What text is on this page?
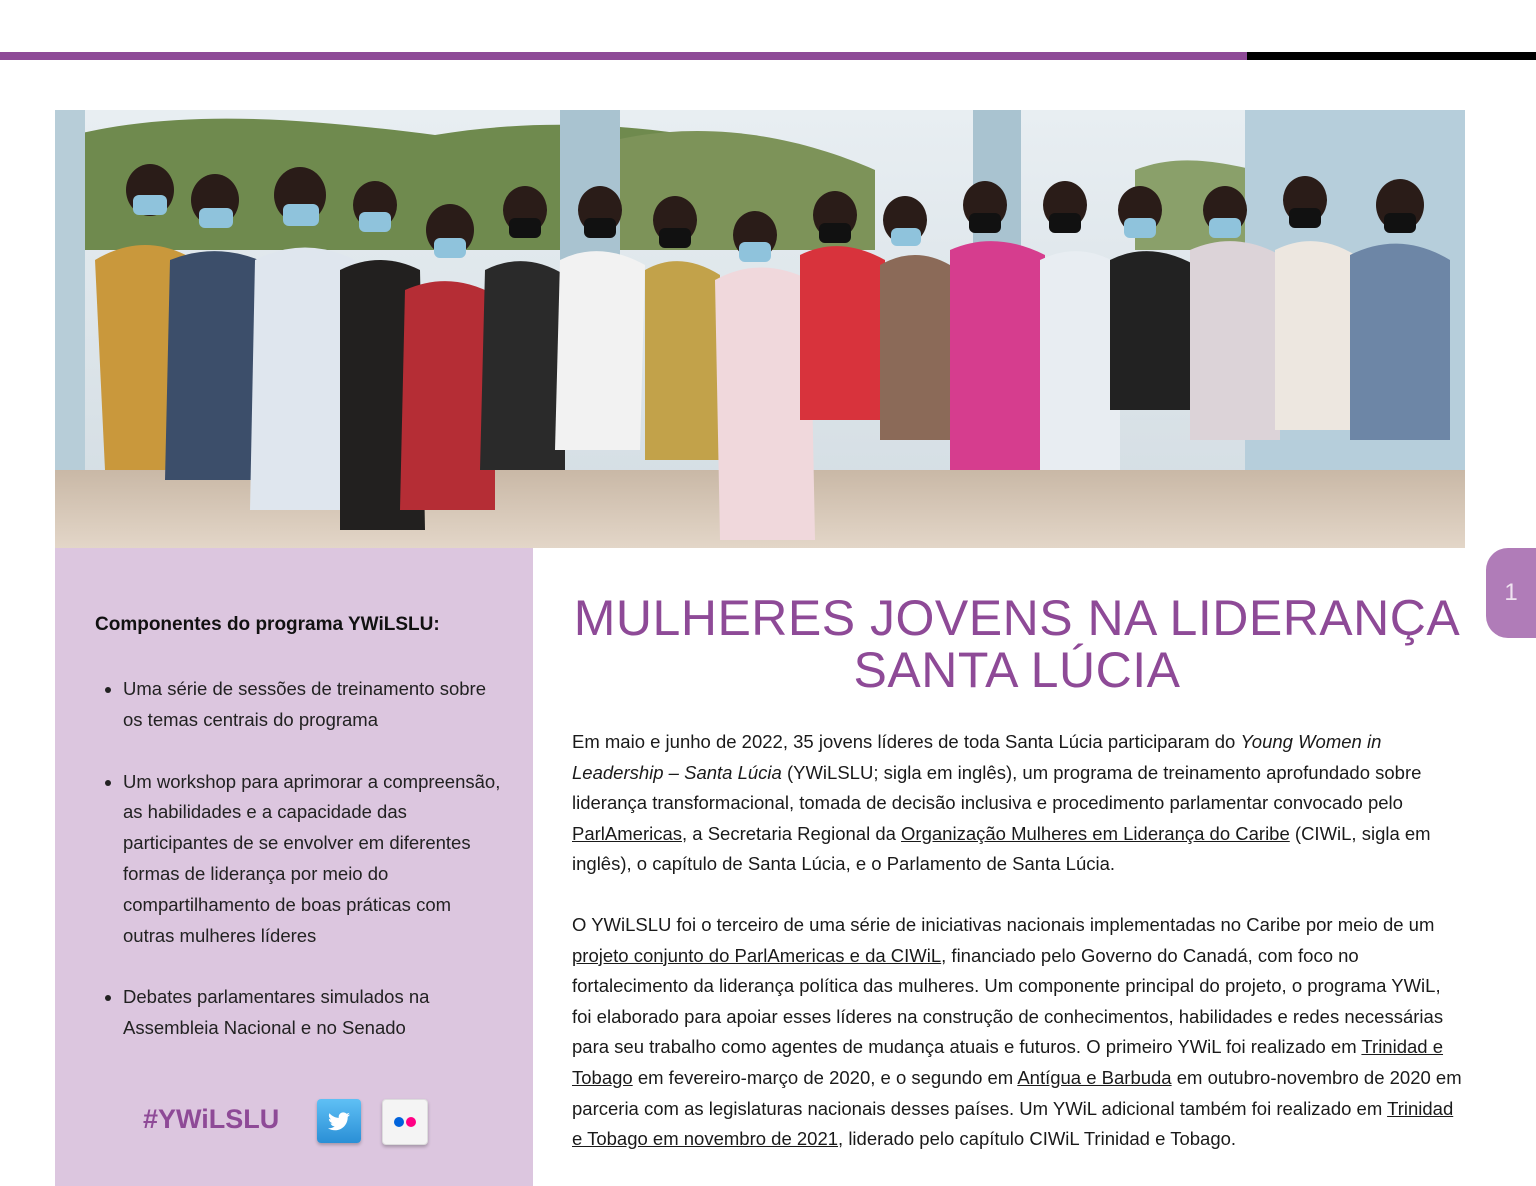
Componentes do programa YWiLSLU:
• Uma série de sessões de treinamento sobre os temas centrais do programa
• Um workshop para aprimorar a compreensão, as habilidades e a capacidade das participantes de se envolver em diferentes formas de liderança por meio do compartilhamento de boas práticas com outras mulheres líderes
• Debates parlamentares simulados na Assembleia Nacional e no Senado
#YWiLSLU
1
MULHERES JOVENS NA LIDERANÇA
SANTA LÚCIA

Em maio e junho de 2022, 35 jovens líderes de toda Santa Lúcia participaram do Young Women in Leadership – Santa Lúcia (YWiLSLU; sigla em inglês), um programa de treinamento aprofundado sobre liderança transformacional, tomada de decisão inclusiva e procedimento parlamentar convocado pelo ParlAmericas, a Secretaria Regional da Organização Mulheres em Liderança do Caribe (CIWiL, sigla em inglês), o capítulo de Santa Lúcia, e o Parlamento de Santa Lúcia.

O YWiLSLU foi o terceiro de uma série de iniciativas nacionais implementadas no Caribe por meio de um projeto conjunto do ParlAmericas e da CIWiL, financiado pelo Governo do Canadá, com foco no fortalecimento da liderança política das mulheres. Um componente principal do projeto, o programa YWiL, foi elaborado para apoiar esses líderes na construção de conhecimentos, habilidades e redes necessárias para seu trabalho como agentes de mudança atuais e futuros. O primeiro YWiL foi realizado em Trinidad e Tobago em fevereiro-março de 2020, e o segundo em Antígua e Barbuda em outubro-novembro de 2020 em parceria com as legislaturas nacionais desses países. Um YWiL adicional também foi realizado em Trinidad e Tobago em novembro de 2021, liderado pelo capítulo CIWiL Trinidad e Tobago.
